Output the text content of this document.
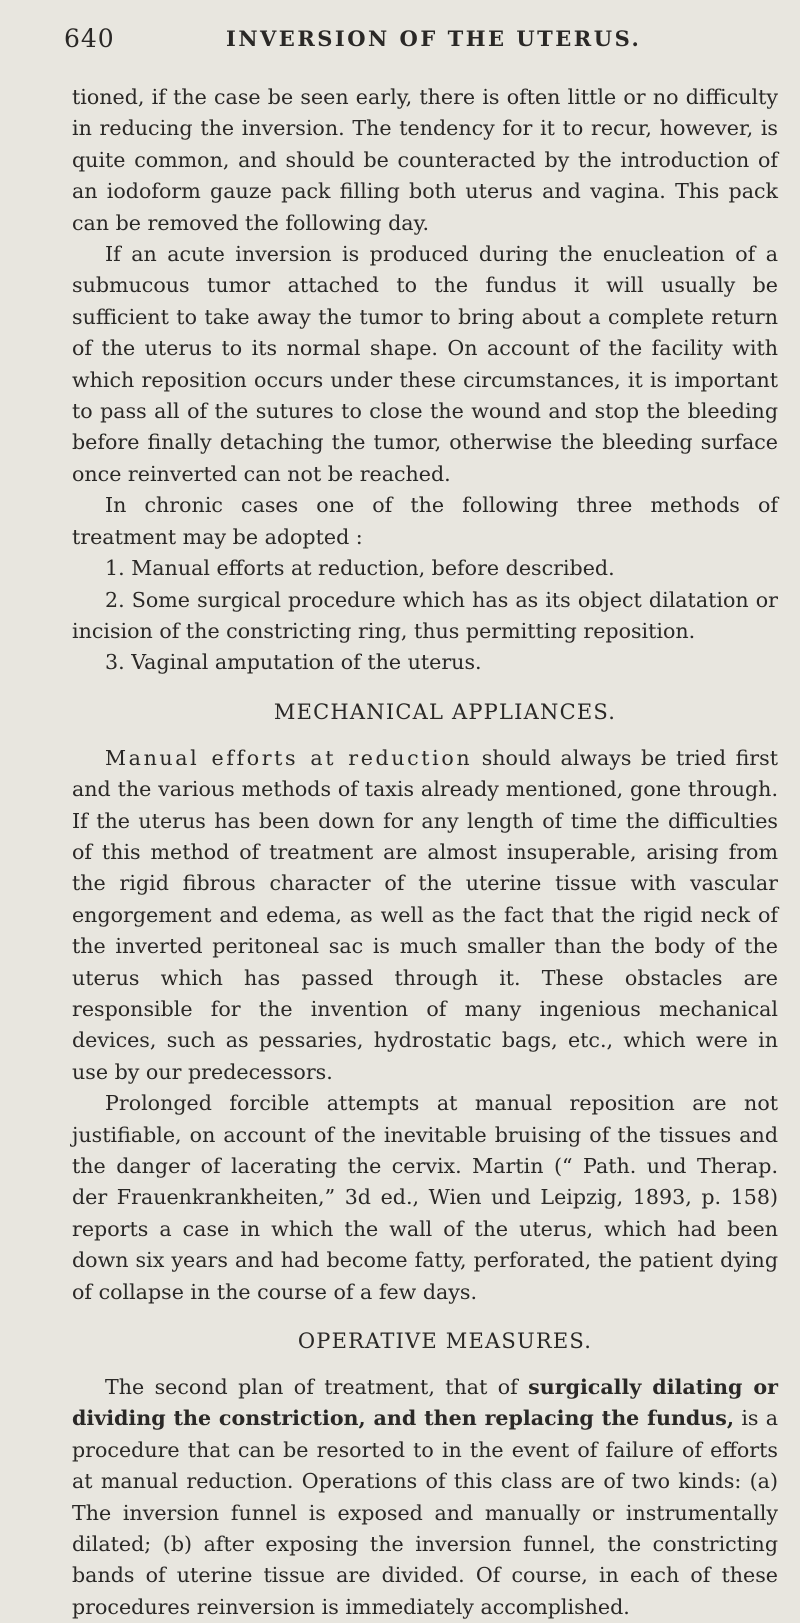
640	INVERSION OF THE UTERUS.

tioned, if the case be seen early, there is often little or no difficulty in reducing the inversion. The tendency for it to recur, however, is quite common, and should be counteracted by the introduction of an iodoform gauze pack filling both uterus and vagina. This pack can be removed the following day.

If an acute inversion is produced during the enucleation of a submucous tumor attached to the fundus it will usually be sufficient to take away the tumor to bring about a complete return of the uterus to its normal shape. On account of the facility with which reposition occurs under these circumstances, it is important to pass all of the sutures to close the wound and stop the bleeding before finally detaching the tumor, otherwise the bleeding surface once reinverted can not be reached.

In chronic cases one of the following three methods of treatment may be adopted :

1. Manual efforts at reduction, before described.

2. Some surgical procedure which has as its object dilatation or incision of the constricting ring, thus permitting reposition.

3. Vaginal amputation of the uterus.

MECHANICAL APPLIANCES.

Manual efforts at reduction should always be tried first and the various methods of taxis already mentioned, gone through. If the uterus has been down for any length of time the difficulties of this method of treatment are almost insuperable, arising from the rigid fibrous character of the uterine tissue with vascular engorgement and edema, as well as the fact that the rigid neck of the inverted peritoneal sac is much smaller than the body of the uterus which has passed through it. These obstacles are responsible for the invention of many ingenious mechanical devices, such as pessaries, hydrostatic bags, etc., which were in use by our predecessors.

Prolonged forcible attempts at manual reposition are not justifiable, on account of the inevitable bruising of the tissues and the danger of lacerating the cervix. Martin (“ Path. und Therap. der Frauenkrankheiten,” 3d ed., Wien und Leipzig, 1893, p. 158) reports a case in which the wall of the uterus, which had been down six years and had become fatty, perforated, the patient dying of collapse in the course of a few days.

OPERATIVE MEASURES.

The second plan of treatment, that of surgically dilating or dividing the constriction, and then replacing the fundus, is a procedure that can be resorted to in the event of failure of efforts at manual reduction. Operations of this class are of two kinds: (a) The inversion funnel is exposed and manually or instrumentally dilated; (b) after exposing the inversion funnel, the constricting bands of uterine tissue are divided. Of course, in each of these procedures reinversion is immediately accomplished.
